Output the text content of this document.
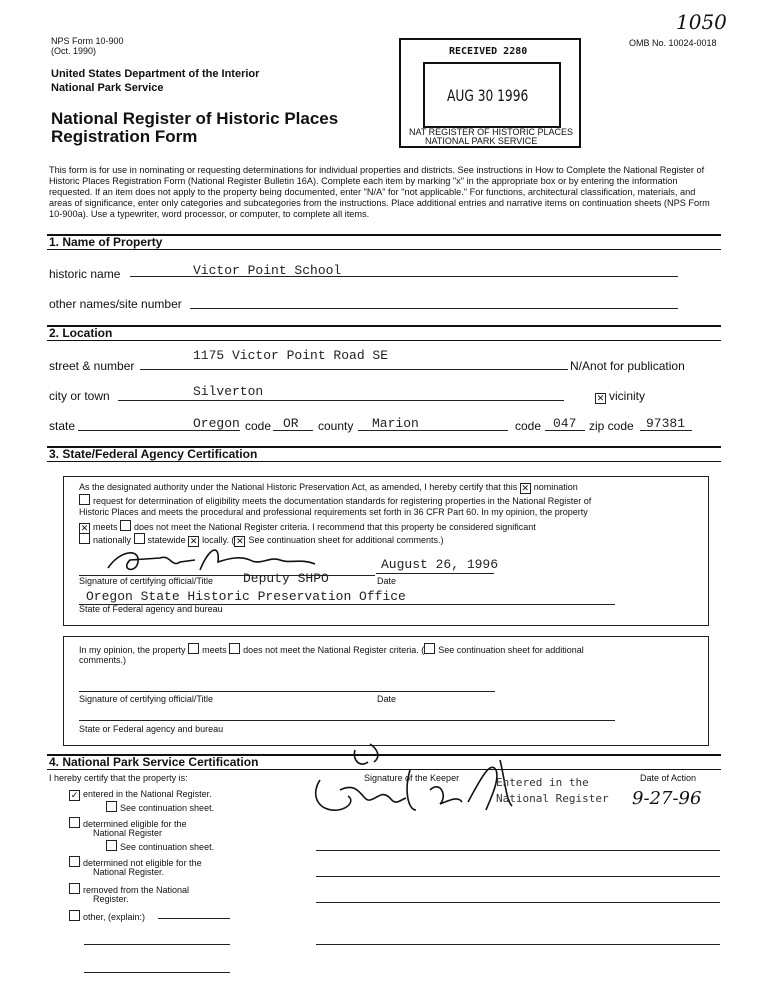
NPS Form 10-900
(Oct. 1990)
OMB No. 10024-0018
1050
United States Department of the Interior
National Park Service
National Register of Historic Places
Registration Form
RECEIVED 2280
AUG 30 1996
NAT REGISTER OF HISTORIC PLACES
NATIONAL PARK SERVICE
This form is for use in nominating or requesting determinations for individual properties and districts. See instructions in How to Complete the National Register of Historic Places Registration Form (National Register Bulletin 16A). Complete each item by marking "x" in the appropriate box or by entering the information requested. If an item does not apply to the property being documented, enter "N/A" for "not applicable." For functions, architectural classification, materials, and areas of significance, enter only categories and subcategories from the instructions. Place additional entries and narrative items on continuation sheets (NPS Form 10-900a). Use a typewriter, word processor, or computer, to complete all items.
1. Name of Property
historic name	Victor Point School
other names/site number
2. Location
street & number
1175 Victor Point Road SE
N/Anot for publication
city or town	Silverton	✕ vicinity
state	Oregon code OR county Marion	code 047 zip code 97381
3. State/Federal Agency Certification
As the designated authority under the National Historic Preservation Act, as amended, I hereby certify that this ✕ nomination
request for determination of eligibility meets the documentation standards for registering properties in the National Register of
Historic Places and meets the procedural and professional requirements set forth in 36 CFR Part 60. In my opinion, the property
✕ meets does not meet the National Register criteria. I recommend that this property be considered significant
nationally statewide ✕ locally. ( ✕ See continuation sheet for additional comments.)
Deputy SHPO
August 26, 1996
Signature of certifying official/Title	Date
Oregon State Historic Preservation Office
State of Federal agency and bureau
In my opinion, the property meets does not meet the National Register criteria. ( See continuation sheet for additional
comments.)
Signature of certifying official/Title	Date
State or Federal agency and bureau
4. National Park Service Certification
I hereby certify that the property is:	Signature of the Keeper	Date of Action
✓ entered in the National Register.
See continuation sheet.
determined eligible for the
National Register
See continuation sheet.
determined not eligible for the
National Register.
removed from the National
Register.
other, (explain:)
Entered in the
National Register 9-27-96
